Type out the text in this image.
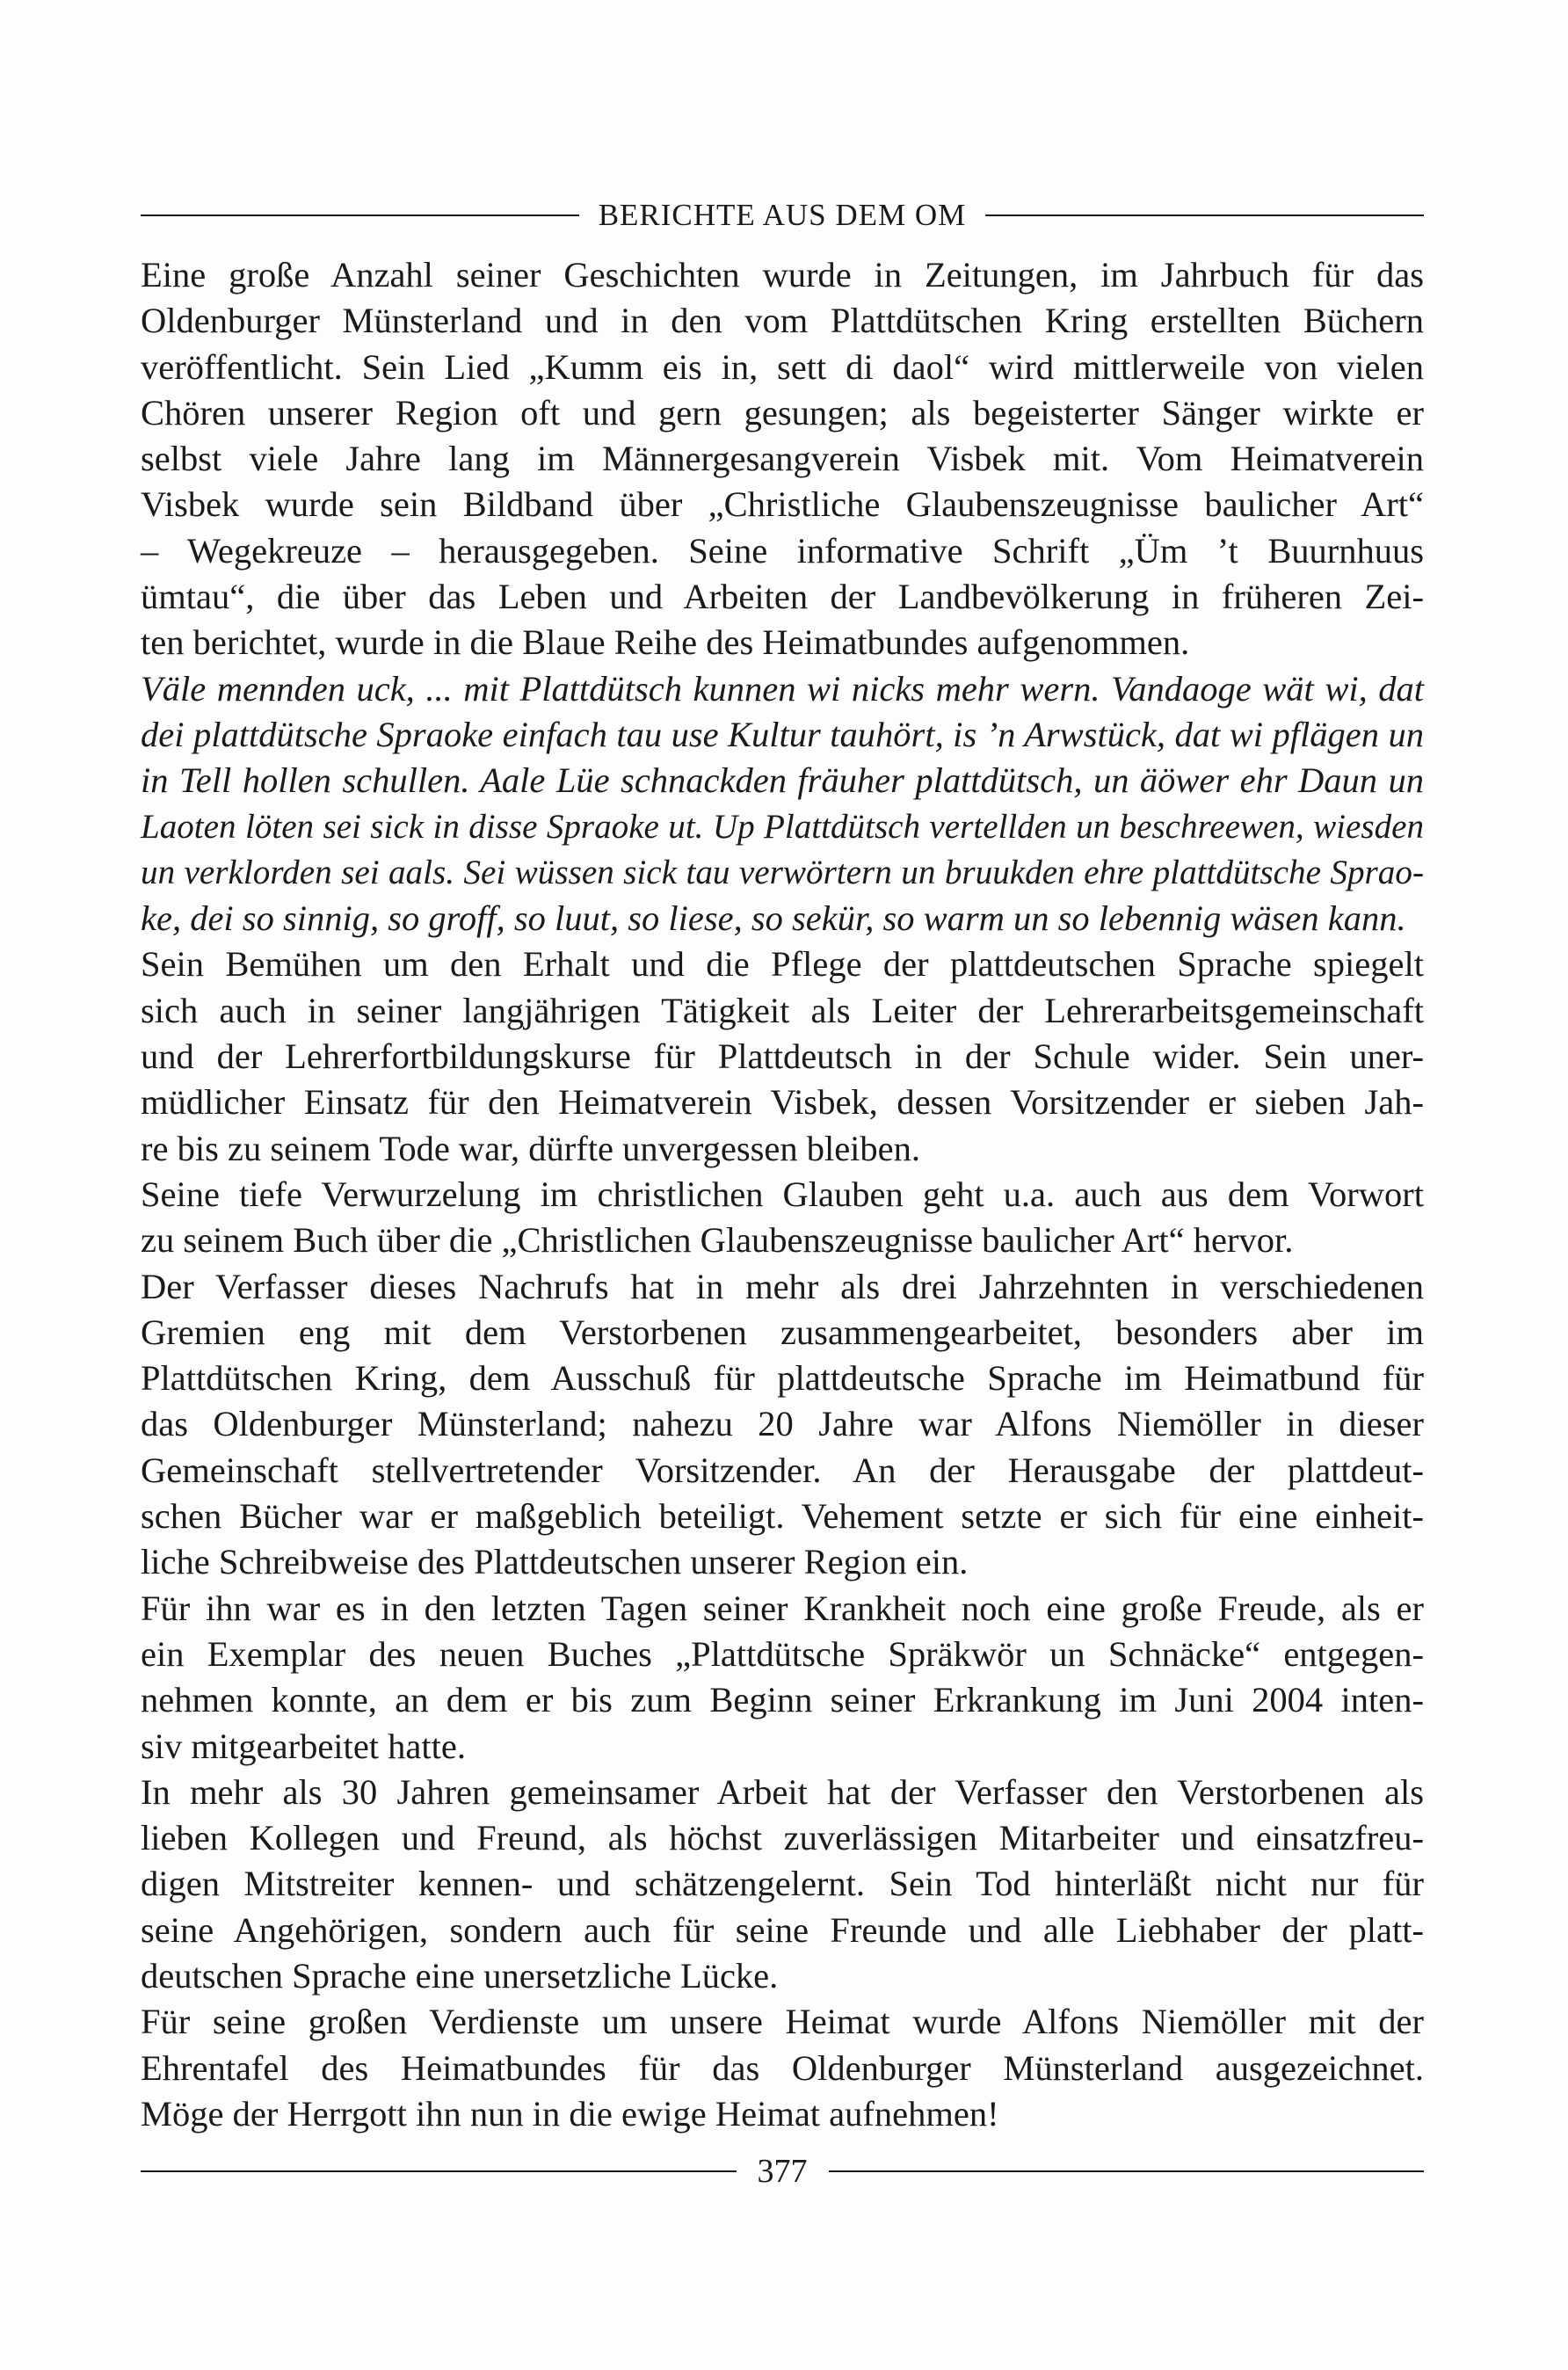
BERICHTE AUS DEM OM

Eine große Anzahl seiner Geschichten wurde in Zeitungen, im Jahrbuch für das
Oldenburger Münsterland und in den vom Plattdütschen Kring erstellten Büchern
veröffentlicht. Sein Lied „Kumm eis in, sett di daol“ wird mittlerweile von vielen
Chören unserer Region oft und gern gesungen; als begeisterter Sänger wirkte er
selbst viele Jahre lang im Männergesangverein Visbek mit. Vom Heimatverein
Visbek wurde sein Bildband über „Christliche Glaubenszeugnisse baulicher Art“
– Wegekreuze – herausgegeben. Seine informative Schrift „Üm ’t Buurnhuus
ümtau“, die über das Leben und Arbeiten der Landbevölkerung in früheren Zei-
ten berichtet, wurde in die Blaue Reihe des Heimatbundes aufgenommen.

Väle mennden uck, ... mit Plattdütsch kunnen wi nicks mehr wern. Vandaoge wät wi, dat
dei plattdütsche Spraoke einfach tau use Kultur tauhört, is ’n Arwstück, dat wi pflägen un
in Tell hollen schullen. Aale Lüe schnackden fräuher plattdütsch, un äöwer ehr Daun un
Laoten löten sei sick in disse Spraoke ut. Up Plattdütsch vertellden un beschreewen, wiesden
un verklorden sei aals. Sei wüssen sick tau verwörtern un bruukden ehre plattdütsche Sprao-
ke, dei so sinnig, so groff, so luut, so liese, so sekür, so warm un so lebennig wäsen kann.

Sein Bemühen um den Erhalt und die Pflege der plattdeutschen Sprache spiegelt
sich auch in seiner langjährigen Tätigkeit als Leiter der Lehrerarbeitsgemeinschaft
und der Lehrerfortbildungskurse für Plattdeutsch in der Schule wider. Sein uner-
müdlicher Einsatz für den Heimatverein Visbek, dessen Vorsitzender er sieben Jah-
re bis zu seinem Tode war, dürfte unvergessen bleiben.

Seine tiefe Verwurzelung im christlichen Glauben geht u.a. auch aus dem Vorwort
zu seinem Buch über die „Christlichen Glaubenszeugnisse baulicher Art“ hervor.

Der Verfasser dieses Nachrufs hat in mehr als drei Jahrzehnten in verschiedenen
Gremien eng mit dem Verstorbenen zusammengearbeitet, besonders aber im
Plattdütschen Kring, dem Ausschuß für plattdeutsche Sprache im Heimatbund für
das Oldenburger Münsterland; nahezu 20 Jahre war Alfons Niemöller in dieser
Gemeinschaft stellvertretender Vorsitzender. An der Herausgabe der plattdeut-
schen Bücher war er maßgeblich beteiligt. Vehement setzte er sich für eine einheit-
liche Schreibweise des Plattdeutschen unserer Region ein.

Für ihn war es in den letzten Tagen seiner Krankheit noch eine große Freude, als er
ein Exemplar des neuen Buches „Plattdütsche Spräkwör un Schnäcke“ entgegen-
nehmen konnte, an dem er bis zum Beginn seiner Erkrankung im Juni 2004 inten-
siv mitgearbeitet hatte.

In mehr als 30 Jahren gemeinsamer Arbeit hat der Verfasser den Verstorbenen als
lieben Kollegen und Freund, als höchst zuverlässigen Mitarbeiter und einsatzfreu-
digen Mitstreiter kennen- und schätzengelernt. Sein Tod hinterläßt nicht nur für
seine Angehörigen, sondern auch für seine Freunde und alle Liebhaber der platt-
deutschen Sprache eine unersetzliche Lücke.

Für seine großen Verdienste um unsere Heimat wurde Alfons Niemöller mit der
Ehrentafel des Heimatbundes für das Oldenburger Münsterland ausgezeichnet.
Möge der Herrgott ihn nun in die ewige Heimat aufnehmen!

377
